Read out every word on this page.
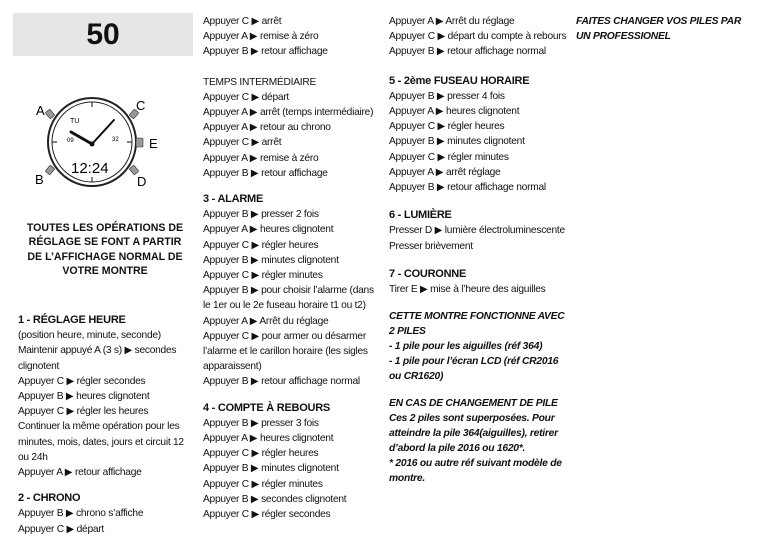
50
A	C
E
B	D
TU
09	32
12:24
TOUTES LES OPÉRATIONS DE RÉGLAGE SE FONT A PARTIR DE L’AFFICHAGE NORMAL DE VOTRE MONTRE
1 - RÉGLAGE HEURE
(position heure, minute, seconde)
Maintenir appuyé A (3 s) ▶ secondes clignotent
Appuyer C ▶ régler secondes
Appuyer B ▶ heures clignotent
Appuyer C ▶ régler les heures
Continuer la même opération pour les minutes, mois, dates, jours et circuit 12 ou 24h
Appuyer A ▶ retour affichage
2 - CHRONO
Appuyer B ▶ chrono s’affiche
Appuyer C ▶ départ
Appuyer C ▶ arrêt
Appuyer A ▶ remise à zéro
Appuyer B ▶ retour affichage
TEMPS INTERMÉDIAIRE
Appuyer C ▶ départ
Appuyer A ▶ arrêt (temps intermédiaire)
Appuyer A ▶ retour au chrono
Appuyer C ▶ arrêt
Appuyer A ▶ remise à zéro
Appuyer B ▶ retour affichage
3 - ALARME
Appuyer B ▶ presser 2 fois
Appuyer A ▶ heures clignotent
Appuyer C ▶ régler heures
Appuyer B ▶ minutes clignotent
Appuyer C ▶ régler minutes
Appuyer B ▶ pour choisir l’alarme (dans le 1er ou le 2e fuseau horaire t1 ou t2)
Appuyer A ▶ Arrêt du réglage
Appuyer C ▶ pour armer ou désarmer l’alarme et le carillon horaire (les sigles apparaissent)
Appuyer B ▶ retour affichage normal
4 - COMPTE À REBOURS
Appuyer B ▶ presser 3 fois
Appuyer A ▶ heures clignotent
Appuyer C ▶ régler heures
Appuyer B ▶ minutes clignotent
Appuyer C ▶ régler minutes
Appuyer B ▶ secondes clignotent
Appuyer C ▶ régler secondes
Appuyer A ▶ Arrêt du réglage
Appuyer C ▶ départ du compte à rebours
Appuyer B ▶ retour affichage normal
5 - 2ème FUSEAU HORAIRE
Appuyer B ▶ presser 4 fois
Appuyer A ▶ heures clignotent
Appuyer C ▶ régler heures
Appuyer B ▶ minutes clignotent
Appuyer C ▶ régler minutes
Appuyer A ▶ arrêt réglage
Appuyer B ▶ retour affichage normal
6 - LUMIÈRE
Presser D ▶ lumière électroluminescente
Presser brièvement
7 - COURONNE
Tirer E ▶ mise à l’heure des aiguilles
CETTE MONTRE FONCTIONNE AVEC 2 PILES
- 1 pile pour les aiguilles (réf 364)
- 1 pile pour l’écran LCD (réf CR2016 ou CR1620)
EN CAS DE CHANGEMENT DE PILE
Ces 2 piles sont superposées. Pour atteindre la pile 364(aiguilles), retirer d’abord la pile 2016 ou 1620*.
* 2016 ou autre réf suivant modèle de montre.
FAITES CHANGER VOS PILES PAR UN PROFESSIONEL
